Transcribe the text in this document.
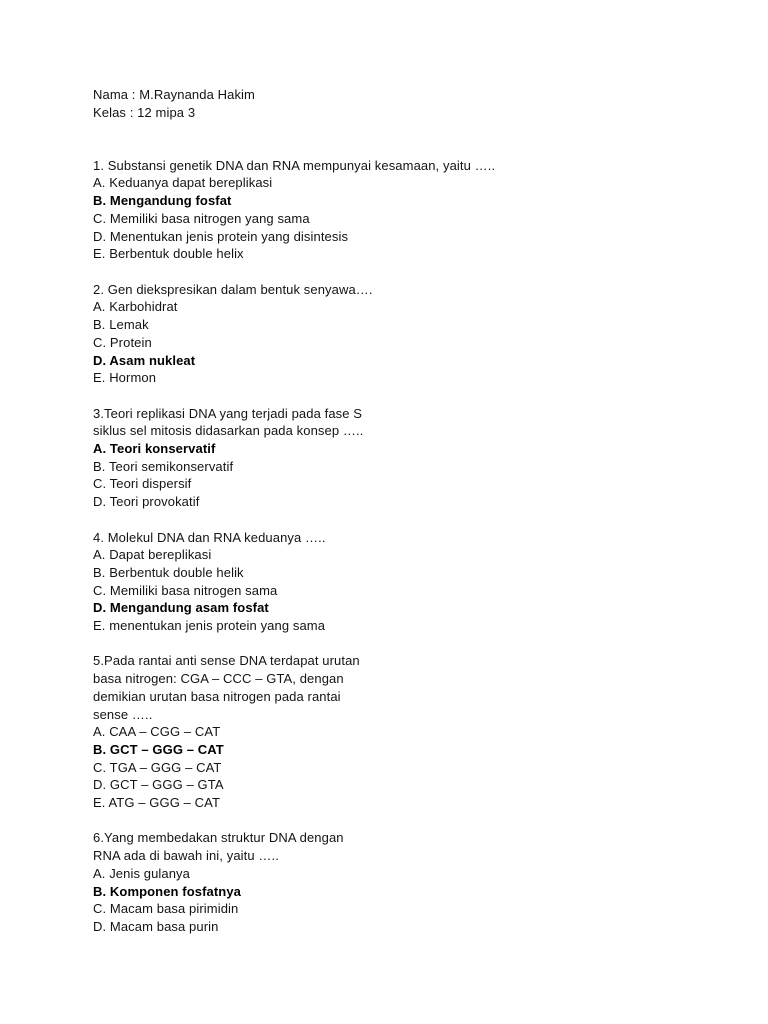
Nama : M.Raynanda Hakim
Kelas : 12 mipa 3
1. Substansi genetik DNA dan RNA mempunyai kesamaan, yaitu …..
A. Keduanya dapat bereplikasi
B. Mengandung fosfat
C. Memiliki basa nitrogen yang sama
D. Menentukan jenis protein yang disintesis
E. Berbentuk double helix
2. Gen diekspresikan dalam bentuk senyawa….
A. Karbohidrat
B. Lemak
C. Protein
D. Asam nukleat
E. Hormon
3.Teori replikasi DNA yang terjadi pada fase S
siklus sel mitosis didasarkan pada konsep …..
A. Teori konservatif
B. Teori semikonservatif
C. Teori dispersif
D. Teori provokatif
4. Molekul DNA dan RNA keduanya …..
A. Dapat bereplikasi
B. Berbentuk double helik
C. Memiliki basa nitrogen sama
D. Mengandung asam fosfat
E. menentukan jenis protein yang sama
5.Pada rantai anti sense DNA terdapat urutan
basa nitrogen: CGA – CCC – GTA, dengan
demikian urutan basa nitrogen pada rantai
sense …..
A. CAA – CGG – CAT
B. GCT – GGG – CAT
C. TGA – GGG – CAT
D. GCT – GGG – GTA
E. ATG – GGG – CAT
6.Yang membedakan struktur DNA dengan
RNA ada di bawah ini, yaitu …..
A. Jenis gulanya
B. Komponen fosfatnya
C. Macam basa pirimidin
D. Macam basa purin
